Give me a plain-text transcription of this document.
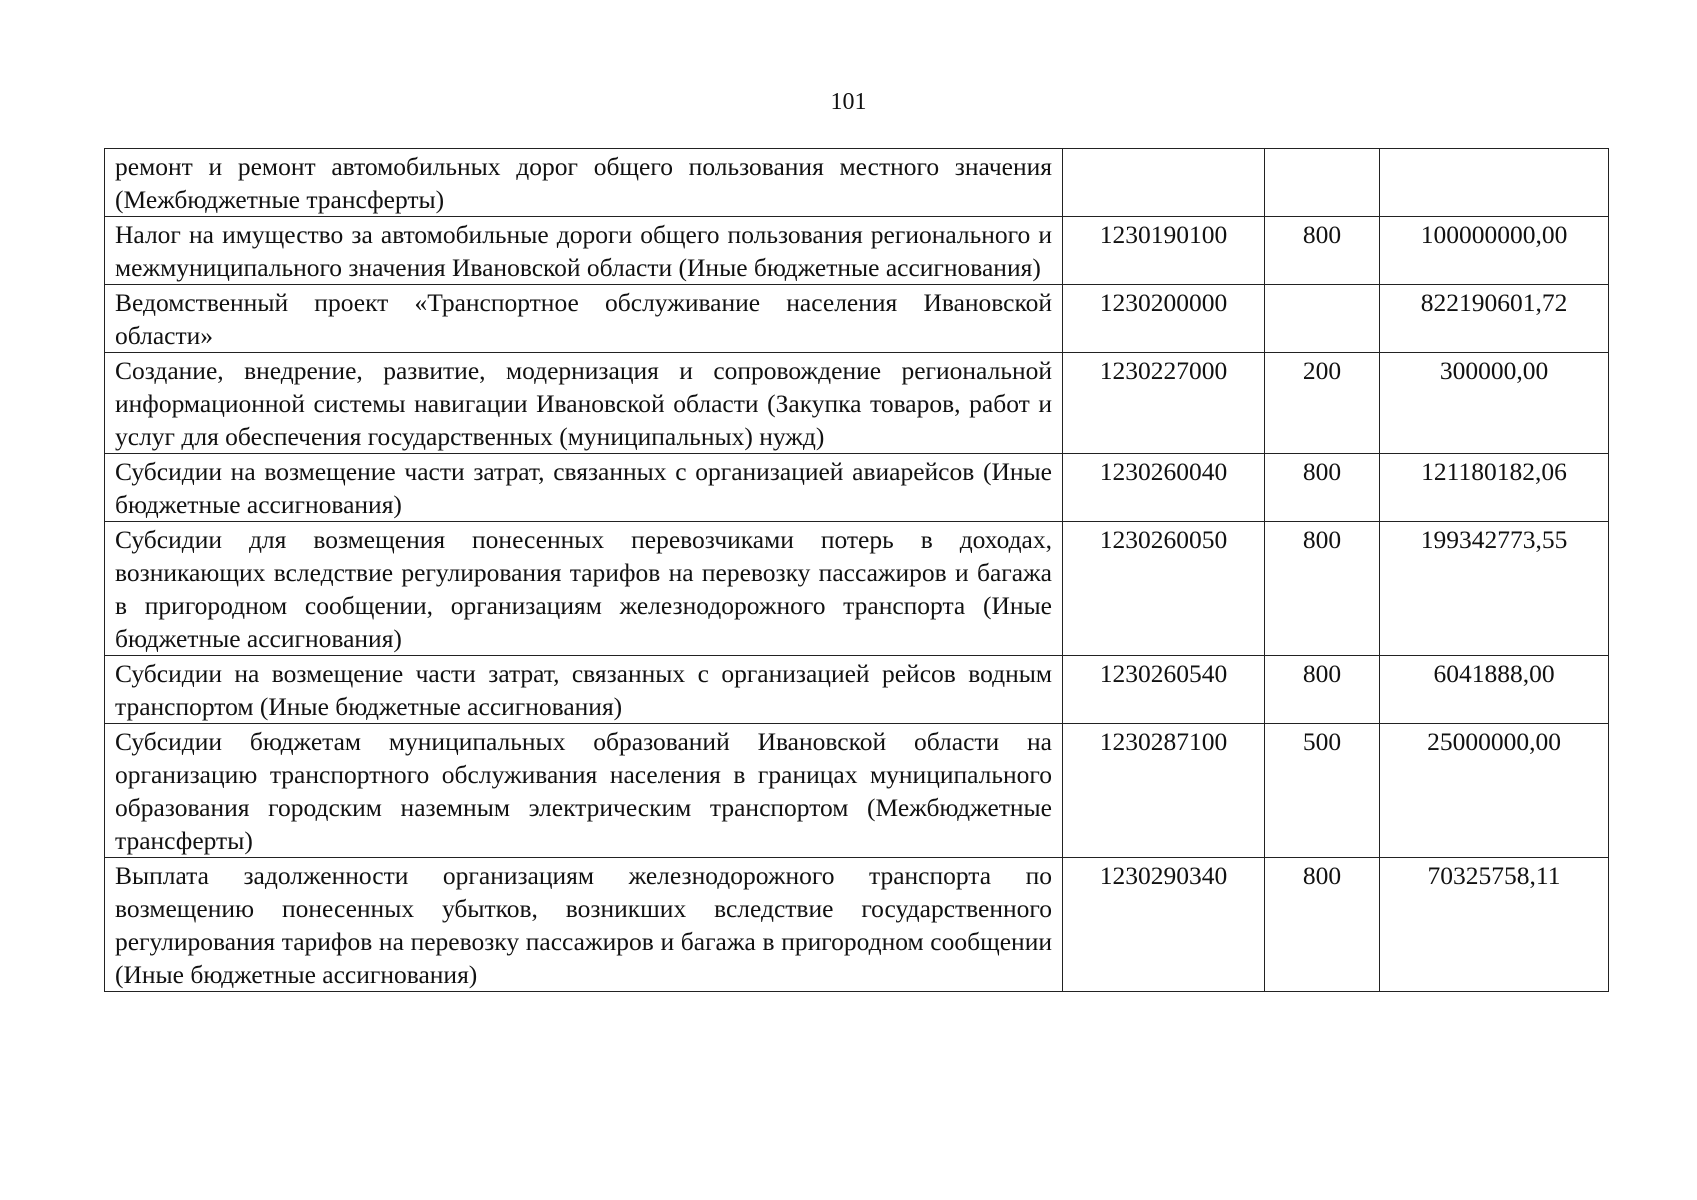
101
ремонт и ремонт автомобильных дорог общего пользования местного значения (Межбюджетные трансферты)			
Налог на имущество за автомобильные дороги общего пользования регионального и межмуниципального значения Ивановской области (Иные бюджетные ассигнования)	1230190100	800	100000000,00
Ведомственный проект «Транспортное обслуживание населения Ивановской области»	1230200000		822190601,72
Создание, внедрение, развитие, модернизация и сопровождение региональной информационной системы навигации Ивановской области (Закупка товаров, работ и услуг для обеспечения государственных (муниципальных) нужд)	1230227000	200	300000,00
Субсидии на возмещение части затрат, связанных с организацией авиарейсов (Иные бюджетные ассигнования)	1230260040	800	121180182,06
Субсидии для возмещения понесенных перевозчиками потерь в доходах, возникающих вследствие регулирования тарифов на перевозку пассажиров и багажа в пригородном сообщении, организациям железнодорожного транспорта (Иные бюджетные ассигнования)	1230260050	800	199342773,55
Субсидии на возмещение части затрат, связанных с организацией рейсов водным транспортом (Иные бюджетные ассигнования)	1230260540	800	6041888,00
Субсидии бюджетам муниципальных образований Ивановской области на организацию транспортного обслуживания населения в границах муниципального образования городским наземным электрическим транспортом (Межбюджетные трансферты)	1230287100	500	25000000,00
Выплата задолженности организациям железнодорожного транспорта по возмещению понесенных убытков, возникших вследствие государственного регулирования тарифов на перевозку пассажиров и багажа в пригородном сообщении (Иные бюджетные ассигнования)	1230290340	800	70325758,11
